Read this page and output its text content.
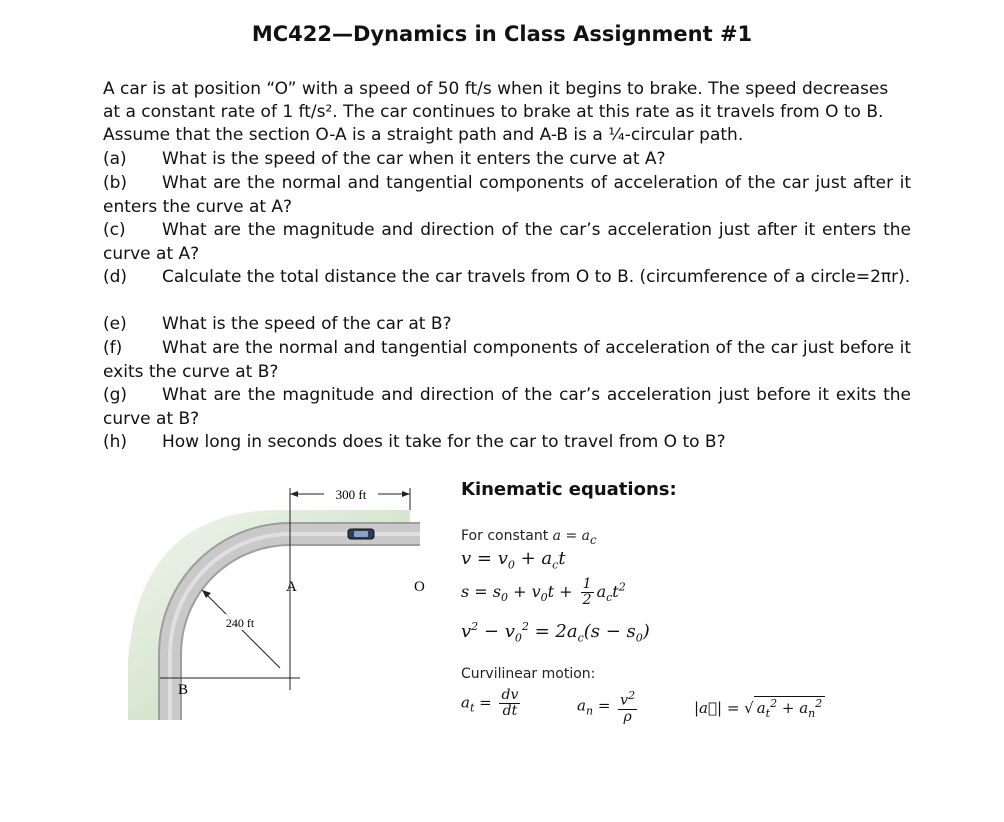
MC422—Dynamics in Class Assignment #1

A car is at position “O” with a speed of 50 ft/s when it begins to brake. The speed decreases

at a constant rate of 1 ft/s². The car continues to brake at this rate as it travels from O to B.

Assume that the section O-A is a straight path and A-B is a ¼-circular path.

(a) What is the speed of the car when it enters the curve at A?
(b) What are the normal and tangential components of acceleration of the car just after it enters the curve at A?
(c) What are the magnitude and direction of the car’s acceleration just after it enters the curve at A?
(d) Calculate the total distance the car travels from O to B. (circumference of a circle=2πr).
(e) What is the speed of the car at B?
(f) What are the normal and tangential components of acceleration of the car just before it exits the curve at B?
(g) What are the magnitude and direction of the car’s acceleration just before it exits the curve at B?
(h) How long in seconds does it take for the car to travel from O to B?
300 ft
240 ft
A	O
B
Kinematic equations:
For constant $a = a_c$
$v = v_0 + a_ct$
$s = s_0 + v_0t + \frac{1}{2} a_ct^2$
$v^2 - v_0^2 = 2a_c(s - s_0)$
Curvilinear motion:
$a_t = \frac{dv}{dt}$	$a_n = \frac{v^2}{\rho}$	|a⃗| = √ $a_t^2 + a_n^2$
